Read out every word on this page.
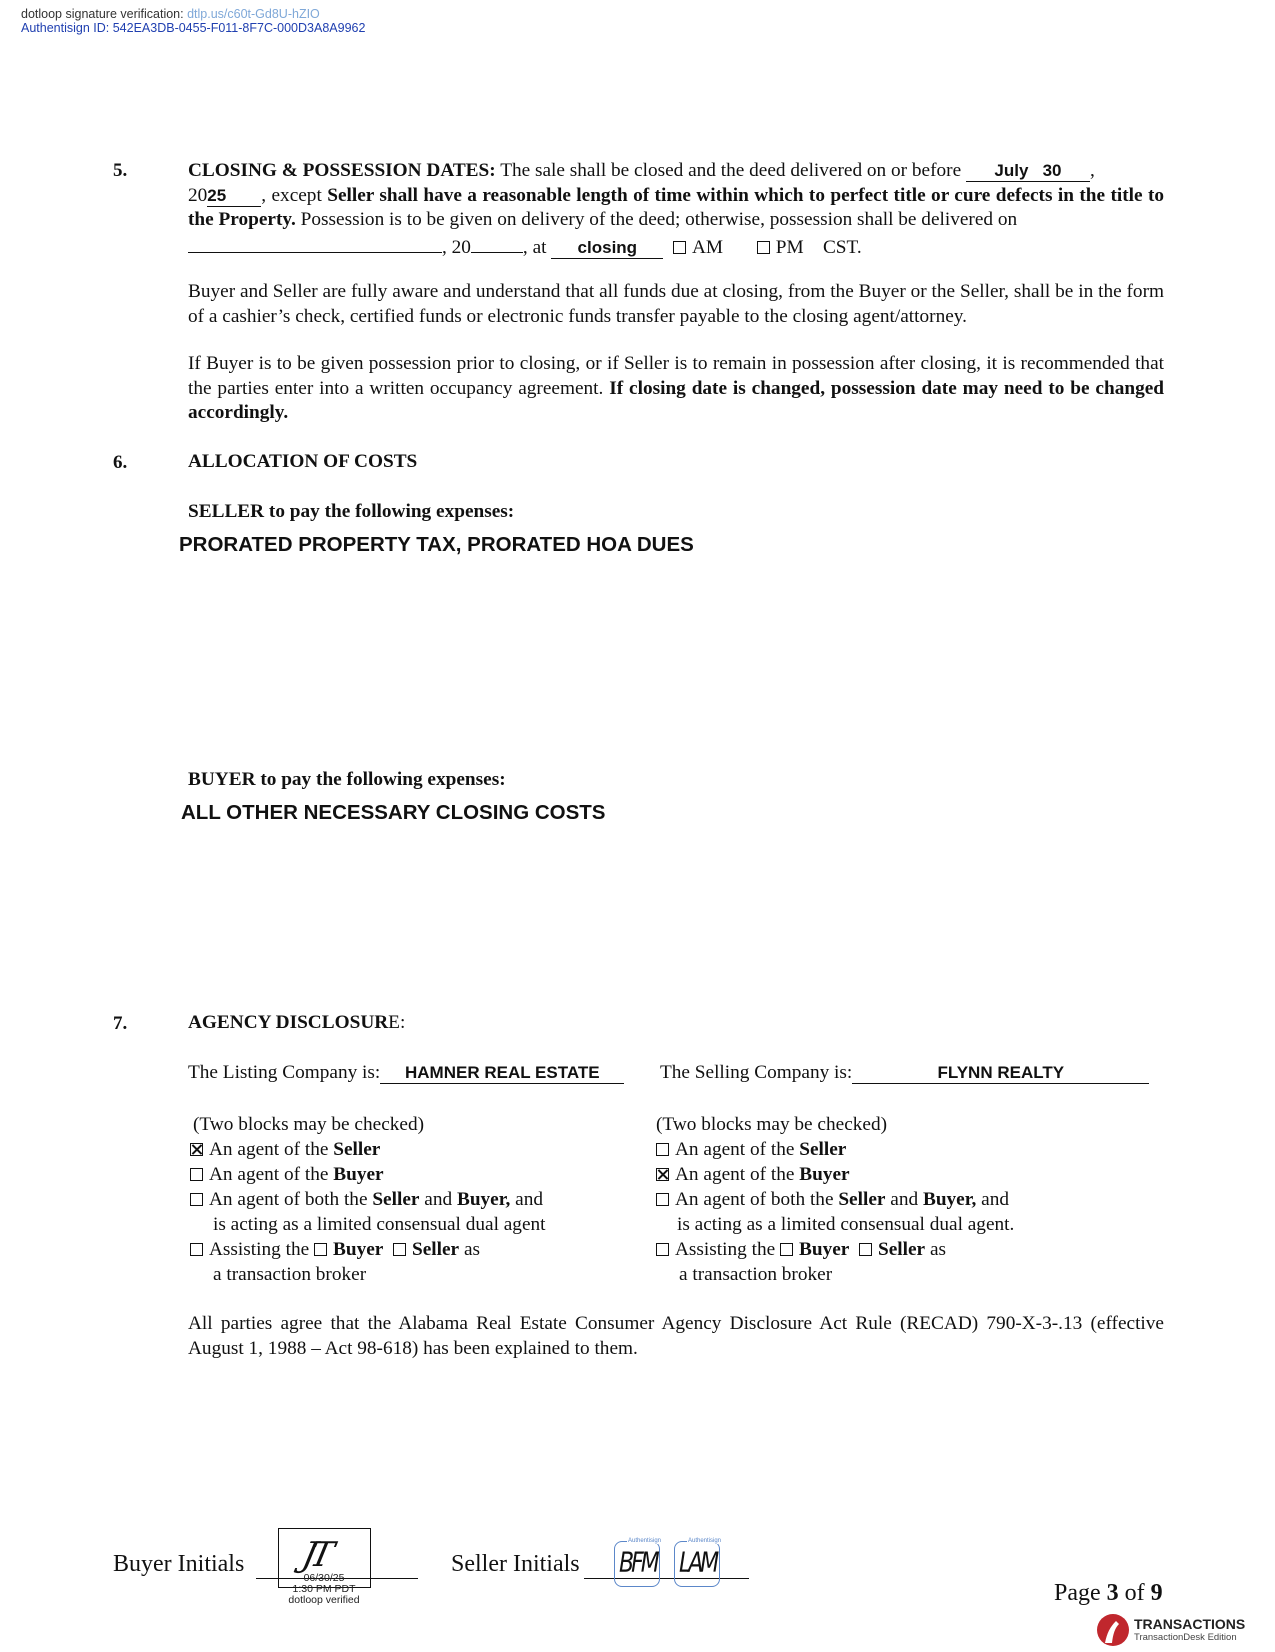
dotloop signature verification: dtlp.us/c60t-Gd8U-hZIO
Authentisign ID: 542EA3DB-0455-F011-8F7C-000D3A8A9962
5.	CLOSING & POSSESSION DATES: The sale shall be closed and the deed delivered on or before July   30 ,
2025 , except Seller shall have a reasonable length of time within which to perfect title or cure defects in the title to the Property. Possession is to be given on delivery of the deed; otherwise, possession shall be delivered on
, 20	, at closing	AM	PM CST.
Buyer and Seller are fully aware and understand that all funds due at closing, from the Buyer or the Seller, shall be in the form of a cashier’s check, certified funds or electronic funds transfer payable to the closing agent/attorney.
If Buyer is to be given possession prior to closing, or if Seller is to remain in possession after closing, it is recommended that the parties enter into a written occupancy agreement. If closing date is changed, possession date may need to be changed accordingly.
6.	ALLOCATION OF COSTS
SELLER to pay the following expenses:
PRORATED PROPERTY TAX, PRORATED HOA DUES
BUYER to pay the following expenses:
ALL OTHER NECESSARY CLOSING COSTS
7.	AGENCY DISCLOSURE:
The Listing Company is: HAMNER REAL ESTATE	The Selling Company is:	FLYNN REALTY
(Two blocks may be checked)
An agent of the Seller
An agent of the Buyer
An agent of both the Seller and Buyer, and
is acting as a limited consensual dual agent
Assisting the Buyer Seller as
a transaction broker
(Two blocks may be checked)
An agent of the Seller
An agent of the Buyer
An agent of both the Seller and Buyer, and
is acting as a limited consensual dual agent.
Assisting the Buyer Seller as
a transaction broker
All parties agree that the Alabama Real Estate Consumer Agency Disclosure Act Rule (RECAD) 790-X-3-.13 (effective August 1, 1988 – Act 98-618) has been explained to them.
Buyer Initials JT
06/30/25
1:30 PM PDT
dotloop verified
Seller Initials
Authentisign
BFM
Authentisign
LAM
Page 3 of 9
TRANSACTIONS
TransactionDesk Edition
